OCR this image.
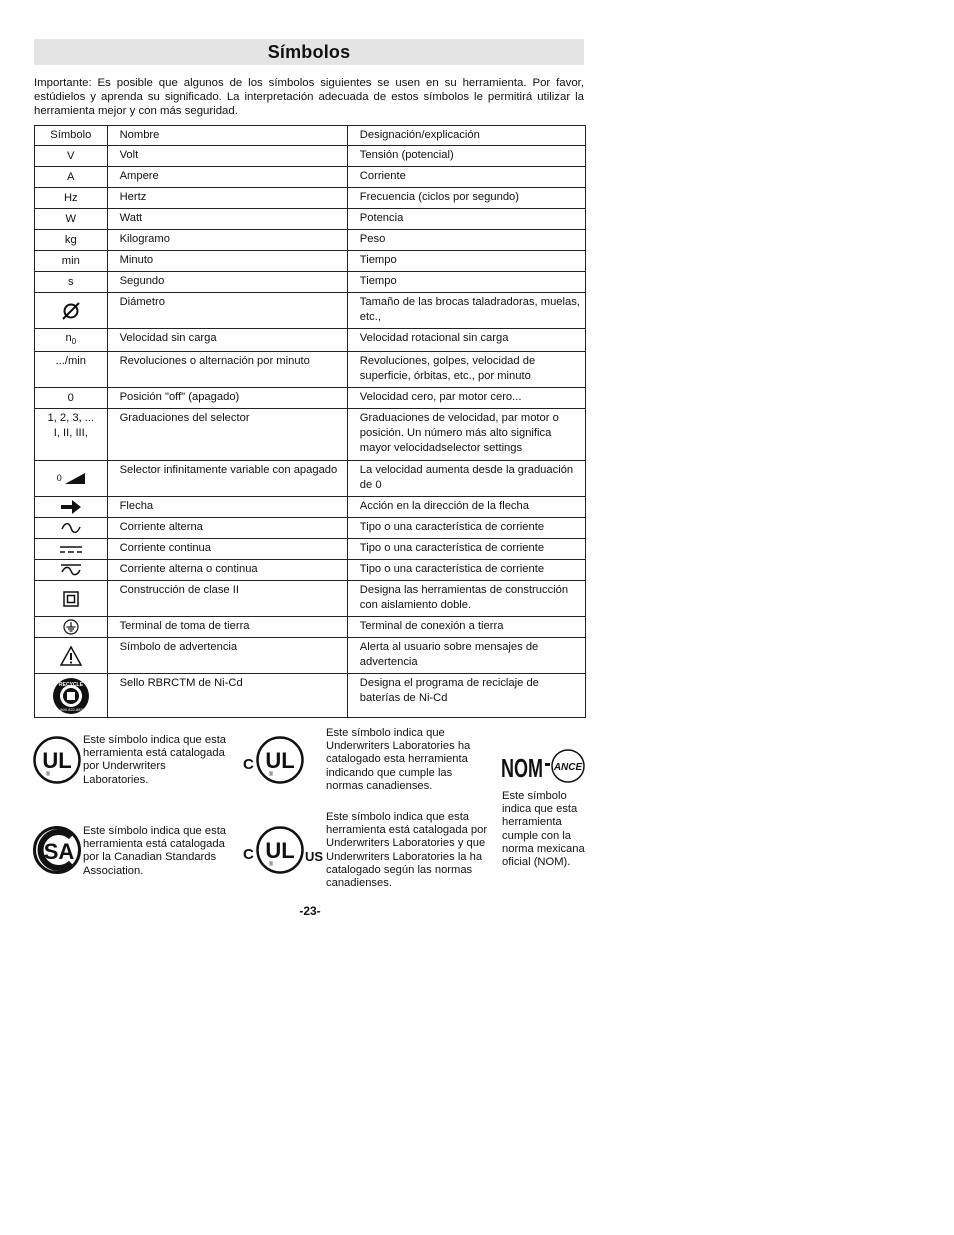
Símbolos
Importante: Es posible que algunos de los símbolos siguientes se usen en su herramienta. Por favor, estúdielos y aprenda su significado. La interpretación adecuada de estos símbolos le permitirá utilizar la herramienta mejor y con más seguridad.
Símbolo	Nombre	Designación/explicación
V	Volt	Tensión (potencial)
A	Ampere	Corriente
Hz	Hertz	Frecuencia (ciclos por segundo)
W	Watt	Potencia
kg	Kilogramo	Peso
min	Minuto	Tiempo
s	Segundo	Tiempo
	Diámetro	Tamaño de las brocas taladradoras, muelas, etc.,
$n_0$	Velocidad sin carga	Velocidad rotacional sin carga
.../min	Revoluciones o alternación por minuto	Revoluciones, golpes, velocidad de superficie, órbitas, etc., por minuto
0	Posición "off" (apagado)	Velocidad cero, par motor cero...

1, 2, 3, ...
I, II, III,	Graduaciones del selector	Graduaciones de velocidad, par motor o posición. Un número más alto significa mayor velocidadselector settings
0	Selector infinitamente variable con apagado	La velocidad aumenta desde la graduación de 0
	Flecha	Acción en la dirección de la flecha
	Corriente alterna	Tipo o una característica de corriente
	Corriente continua	Tipo o una característica de corriente
	Corriente alterna o continua	Tipo o una característica de corriente
	Construcción de clase II	Designa las herramientas de construcción con aislamiento doble.
	Terminal de toma de tierra	Terminal de conexión a tierra
	Símbolo de advertencia	Alerta al usuario sobre mensajes de advertencia

RECYCLE
1.800.822.8837	Sello RBRCTM de Ni-Cd	Designa el programa de reciclaje de baterías de Ni-Cd
UL
®
Este símbolo indica que esta herramienta está catalogada por Underwriters Laboratories.
C UL
®
Este símbolo indica que Underwriters Laboratories ha catalogado esta herramienta indicando que cumple las normas canadienses.
NOM ANCE
Este símbolo indica que esta herramienta cumple con la norma mexicana oficial (NOM).
SA
Este símbolo indica que esta herramienta está catalogada por la Canadian Standards Association.
C UL
®
US
Este símbolo indica que esta herramienta está catalogada por Underwriters Laboratories y que Underwriters Laboratories la ha catalogado según las normas canadienses.
-23-
